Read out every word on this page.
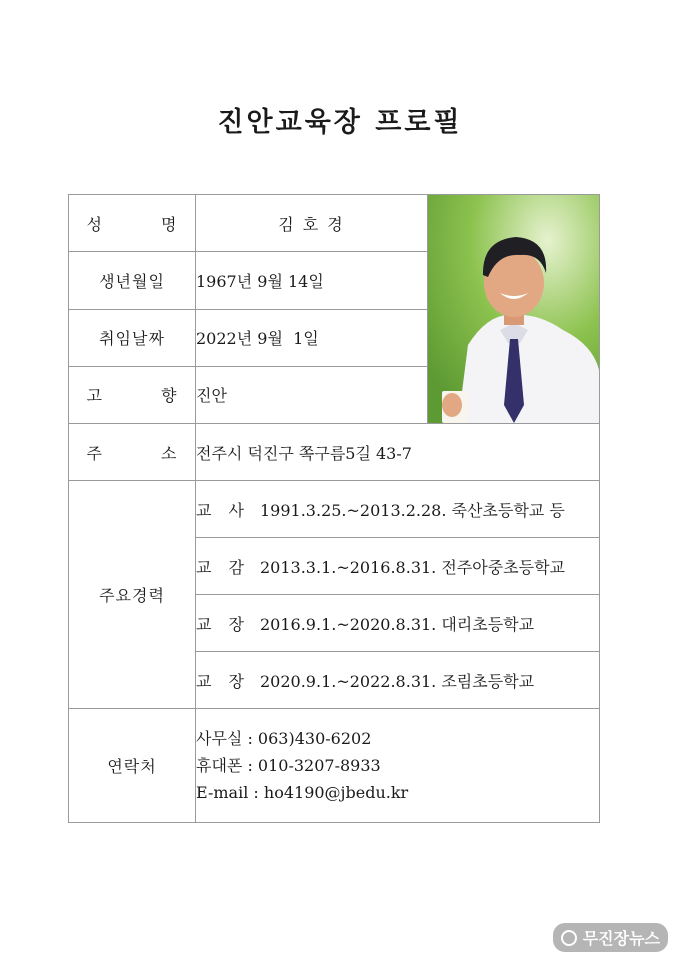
진안교육장 프로필
성 명	김 호 경	

생년월일	1967년 9월 14일	
취임날짜	2022년 9월  1일	
고 향	진안	
주 소	전주시 덕진구 쪽구름5길 43-7	
주요경력	교 사 1991.3.25.~2013.2.28. 죽산초등학교 등	

	교 감 2013.3.1.~2016.8.31. 전주아중초등학교	

	교 장 2016.9.1.~2020.8.31. 대리초등학교	

	교 장 2020.9.1.~2022.8.31. 조림초등학교	

연락처	사무실 : 063)430-6202
휴대폰 : 010-3207-8933
E-mail : ho4190@jbedu.kr	
무진장뉴스
